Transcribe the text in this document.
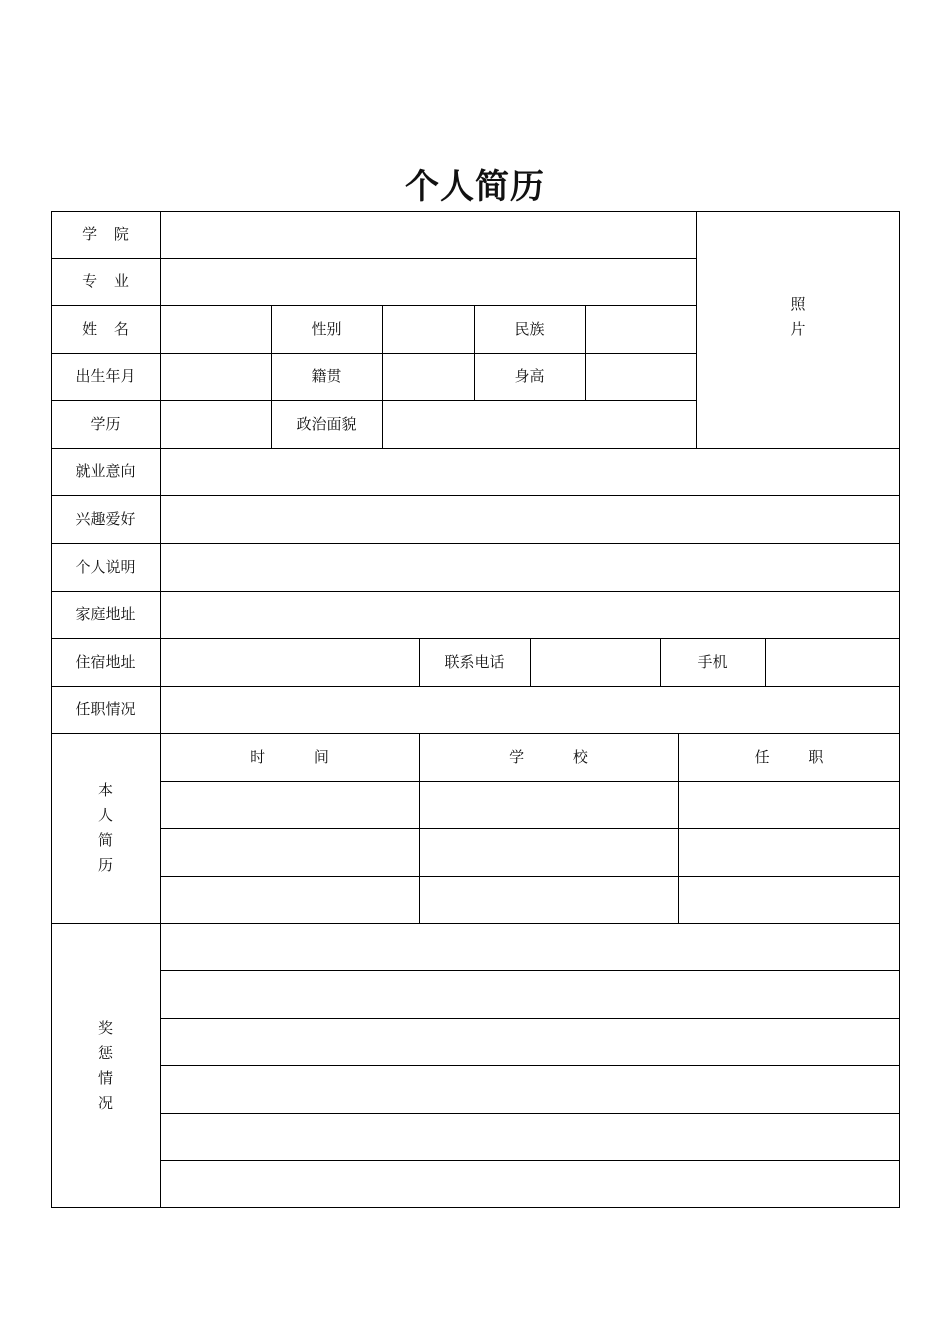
个人简历
学 院
专 业
姓 名	性别	民族
出生年月	籍贯	身高
学历	政治面貌
照
片
就业意向
兴趣爱好
个人说明
家庭地址
住宿地址	联系电话	手机
任职情况
本
人
简
历
时 间	学 校	任 职
奖
惩
情
况
